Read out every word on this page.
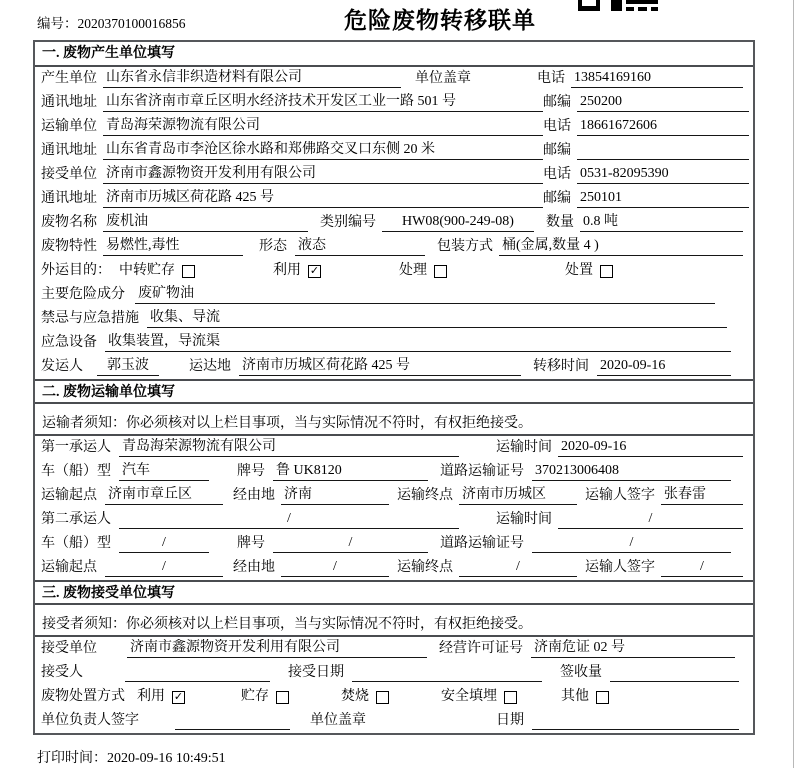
编号：2020370100016856	危险废物转移联单
一. 废物产生单位填写
产生单位 山东省永信非织造材料有限公司	单位盖章	电话 13854169160
通讯地址 山东省济南市章丘区明水经济技术开发区工业一路 501 号	邮编 250200
运输单位 青岛海荣源物流有限公司	电话 18661672606
通讯地址 山东省青岛市李沧区徐水路和郑佛路交叉口东侧 20 米	邮编
接受单位 济南市鑫源物资开发利用有限公司	电话 0531-82095390
通讯地址 济南市历城区荷花路 425 号	邮编 250101
废物名称 废机油	类别编号	HW08(900-249-08)	数量 0.8 吨
废物特性 易燃性,毒性	形态 液态	包装方式 桶(金属,数量 4 )
外运目的： 中转贮存	利用 ✓	处理	处置
主要危险成分 废矿物油
禁忌与应急措施 收集、导流
应急设备 收集装置，导流渠
发运人	郭玉波	运达地 济南市历城区荷花路 425 号	转移时间 2020-09-16
二. 废物运输单位填写
运输者须知：你必须核对以上栏目事项，当与实际情况不符时，有权拒绝接受。
第一承运人 青岛海荣源物流有限公司	运输时间 2020-09-16
车（船）型 汽车	牌号 鲁 UK8120	道路运输证号 370213006408
运输起点 济南市章丘区	经由地 济南	运输终点 济南市历城区	运输人签字 张春雷
第二承运人	/	运输时间	/
车（船）型	/	牌号	/	道路运输证号	/
运输起点	/	经由地	/	运输终点	/	运输人签字	/
三. 废物接受单位填写
接受者须知：你必须核对以上栏目事项，当与实际情况不符时，有权拒绝接受。
接受单位 济南市鑫源物资开发利用有限公司	经营许可证号 济南危证 02 号
接受人	接受日期	签收量
废物处置方式 利用 ✓	贮存	焚烧	安全填埋	其他
单位负责人签字	单位盖章	日期
打印时间：2020-09-16 10:49:51
